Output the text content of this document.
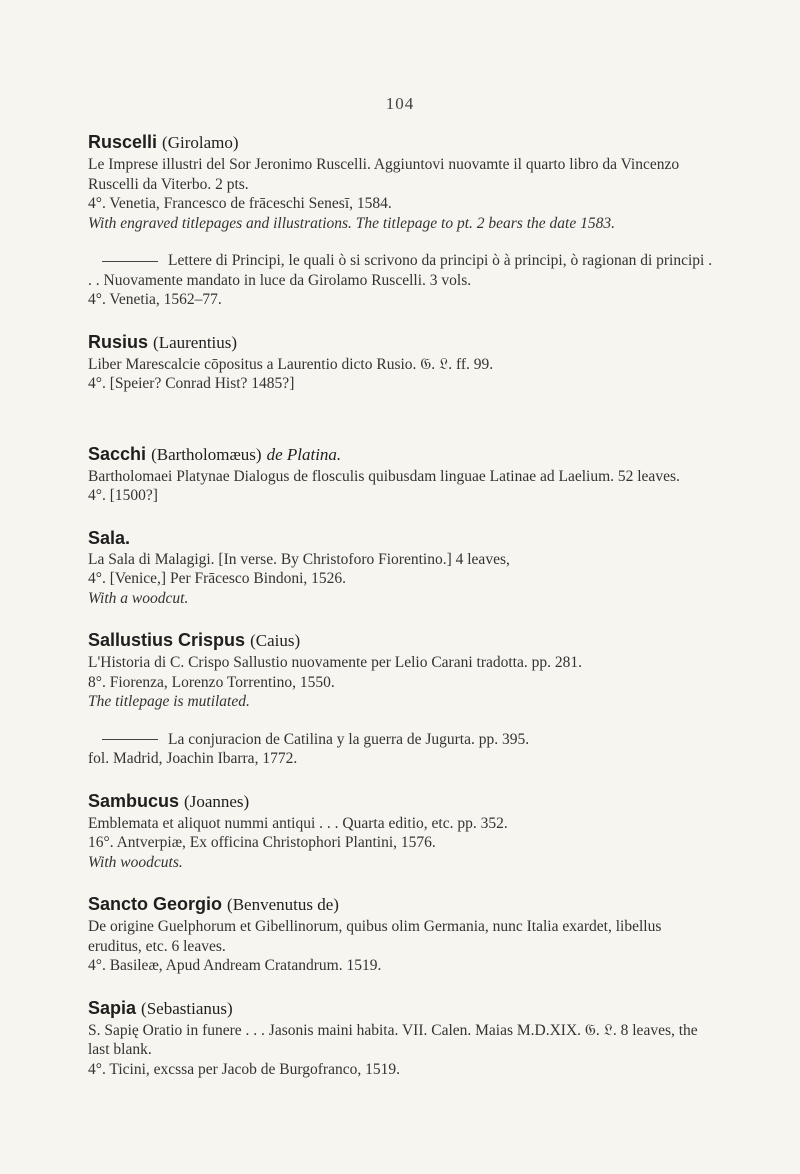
104
Ruscelli (Girolamo)
Le Imprese illustri del Sor Jeronimo Ruscelli. Aggiuntovi nuovamte il quarto libro da Vincenzo Ruscelli da Viterbo. 2 pts.
4°. Venetia, Francesco de frāceschi Senesī, 1584.
With engraved titlepages and illustrations. The titlepage to pt. 2 bears the date 1583.
Lettere di Principi, le quali ò si scrivono da principi ò à principi, ò ragionan di principi . . . Nuovamente mandato in luce da Girolamo Ruscelli. 3 vols.
4°. Venetia, 1562–77.
Rusius (Laurentius)
Liber Marescalcie cōpositus a Laurentio dicto Rusio. 𝔊. 𝔏. ff. 99.
4°. [Speier? Conrad Hist? 1485?]
Sacchi (Bartholomæus) de Platina.
Bartholomaei Platynae Dialogus de flosculis quibusdam linguae Latinae ad Laelium. 52 leaves.
4°. [1500?]
Sala.
La Sala di Malagigi. [In verse. By Christoforo Fiorentino.] 4 leaves,
4°. [Venice,] Per Frācesco Bindoni, 1526.
With a woodcut.
Sallustius Crispus (Caius)
L'Historia di C. Crispo Sallustio nuovamente per Lelio Carani tradotta. pp. 281.
8°. Fiorenza, Lorenzo Torrentino, 1550.
The titlepage is mutilated.
La conjuracion de Catilina y la guerra de Jugurta. pp. 395.
fol. Madrid, Joachin Ibarra, 1772.
Sambucus (Joannes)
Emblemata et aliquot nummi antiqui . . . Quarta editio, etc. pp. 352.
16°. Antverpiæ, Ex officina Christophori Plantini, 1576.
With woodcuts.
Sancto Georgio (Benvenutus de)
De origine Guelphorum et Gibellinorum, quibus olim Germania, nunc Italia exardet, libellus eruditus, etc. 6 leaves.
4°. Basileæ, Apud Andream Cratandrum. 1519.
Sapia (Sebastianus)
S. Sapię Oratio in funere . . . Jasonis maini habita. VII. Calen. Maias M.D.XIX. 𝔊. 𝔏. 8 leaves, the last blank.
4°. Ticini, excssa per Jacob de Burgofranco, 1519.
